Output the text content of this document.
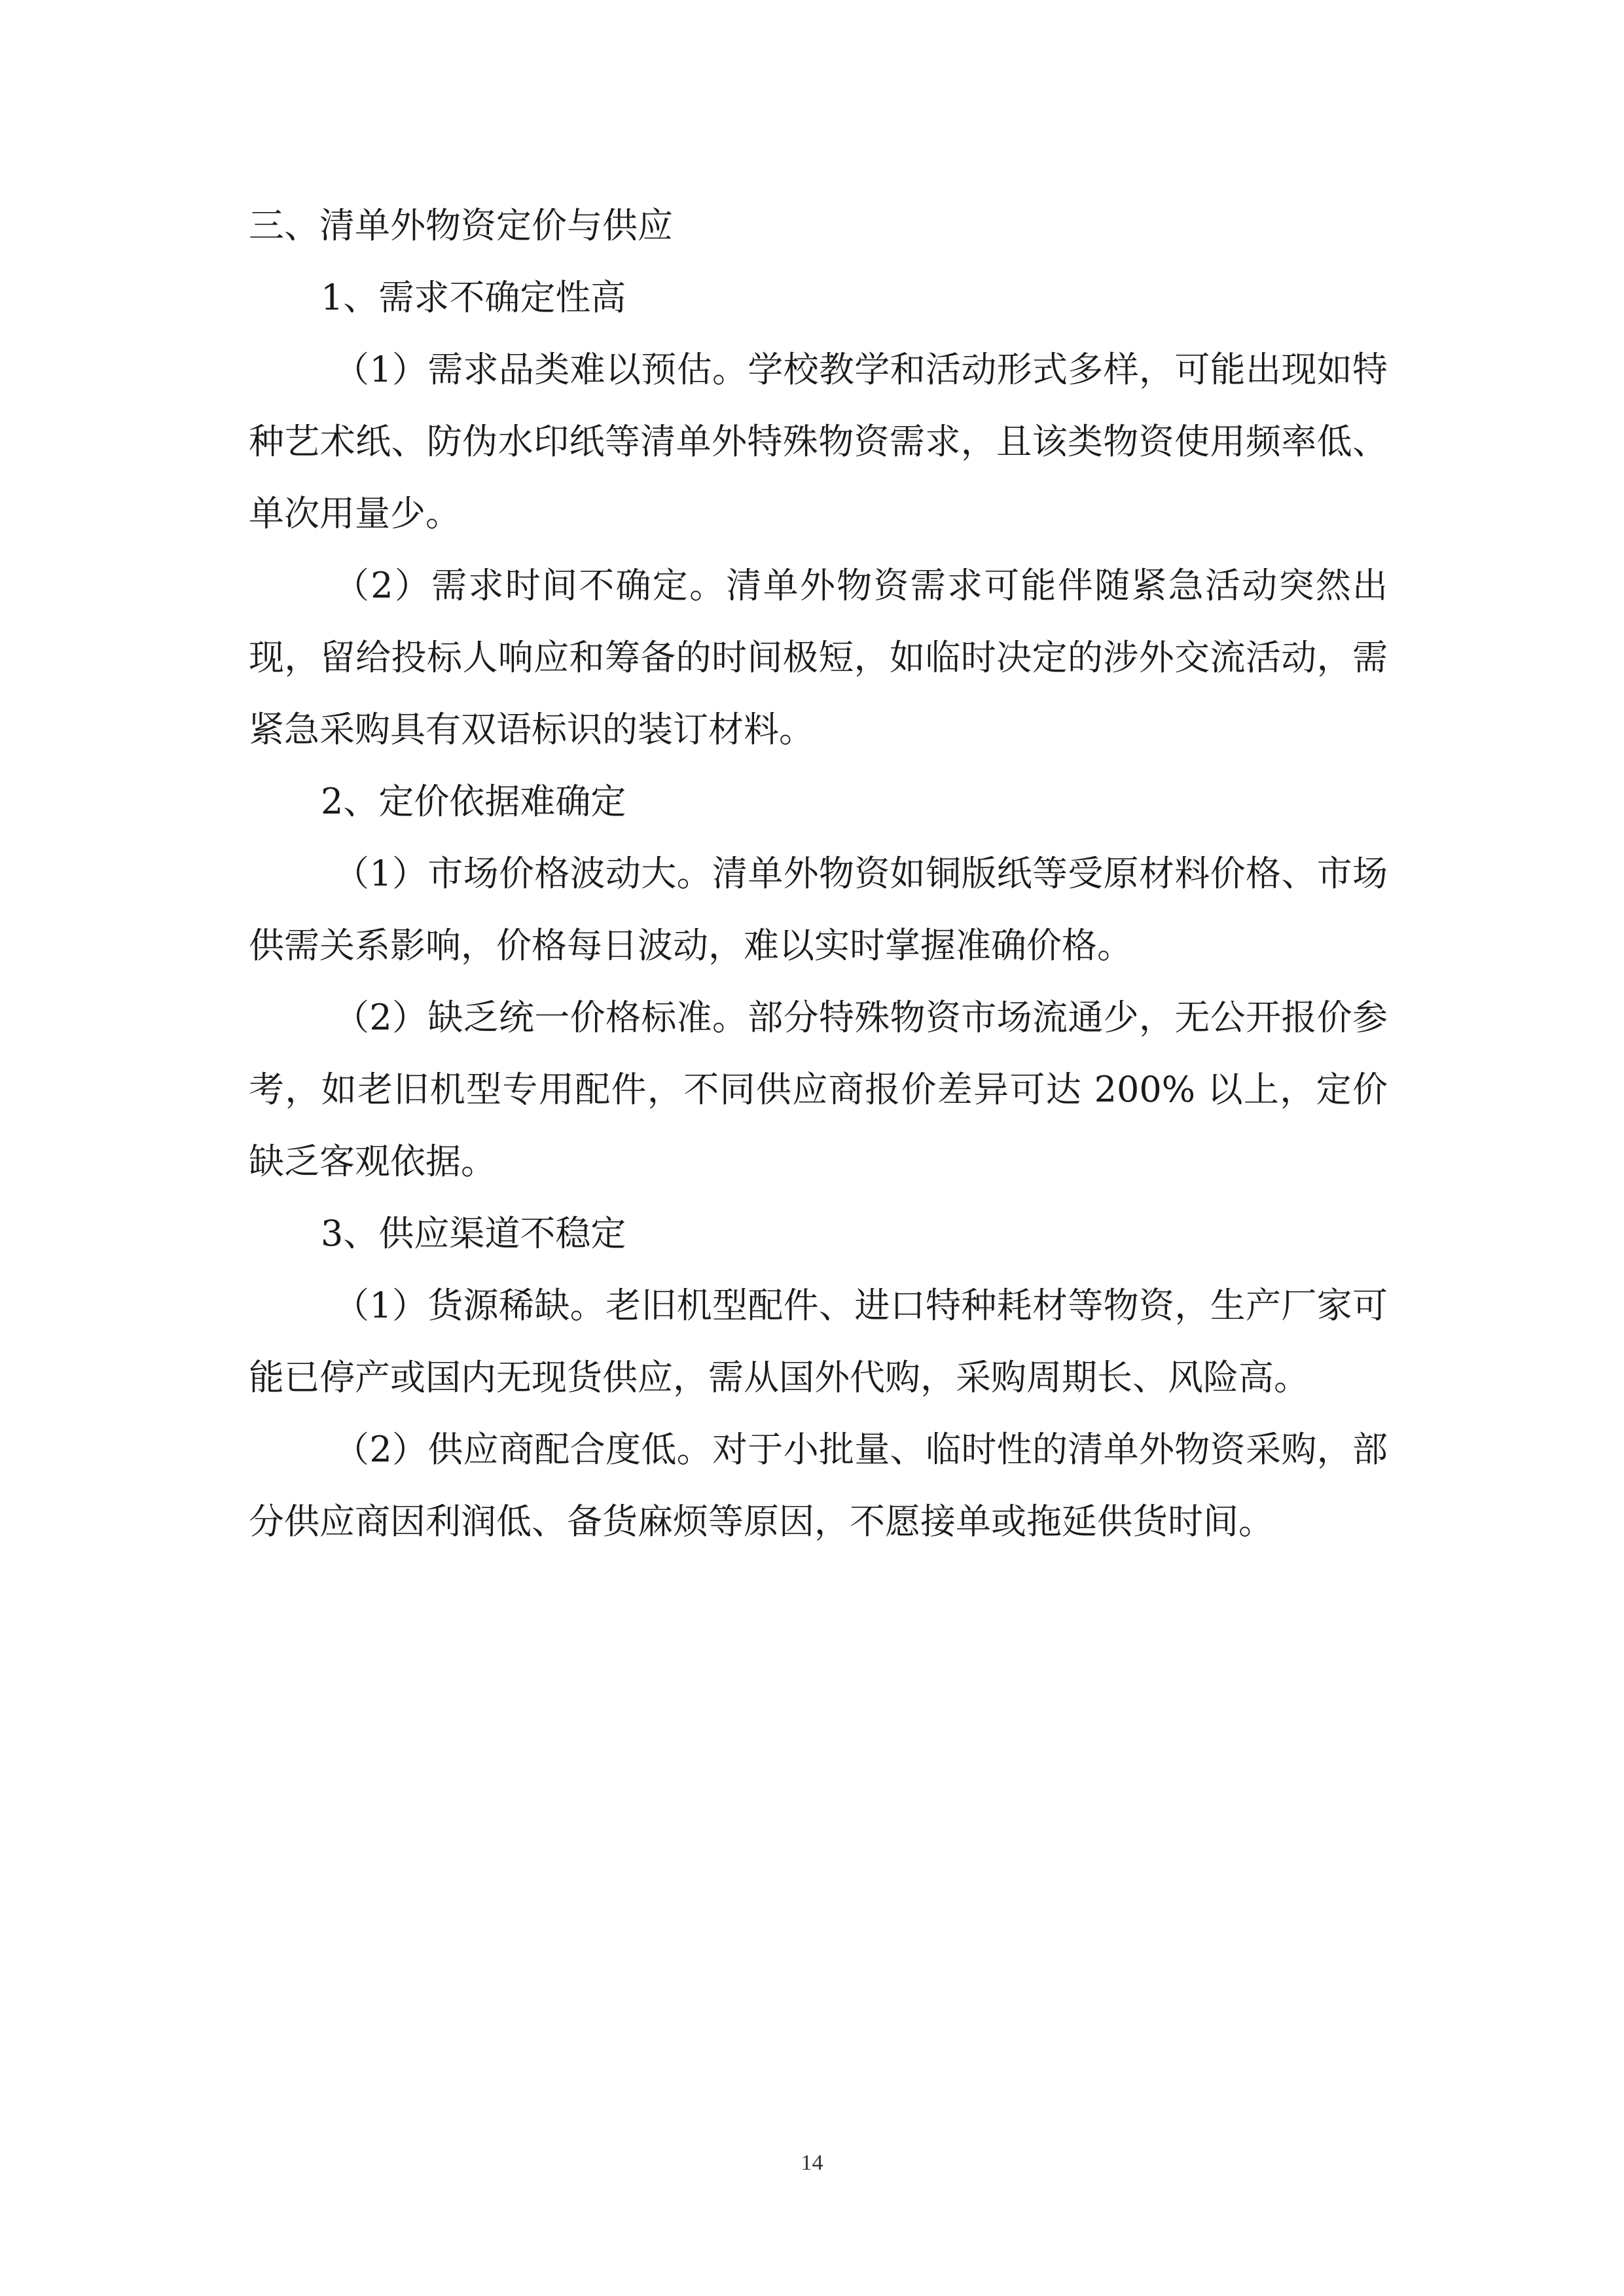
三、清单外物资定价与供应

1、需求不确定性高

（1）需求品类难以预估。学校教学和活动形式多样，可能出现如特种艺术纸、防伪水印纸等清单外特殊物资需求，且该类物资使用频率低、单次用量少。

（2）需求时间不确定。清单外物资需求可能伴随紧急活动突然出现，留给投标人响应和筹备的时间极短，如临时决定的涉外交流活动，需紧急采购具有双语标识的装订材料。

2、定价依据难确定

（1）市场价格波动大。清单外物资如铜版纸等受原材料价格、市场供需关系影响，价格每日波动，难以实时掌握准确价格。

（2）缺乏统一价格标准。部分特殊物资市场流通少，无公开报价参考，如老旧机型专用配件，不同供应商报价差异可达 200% 以上，定价缺乏客观依据。

3、供应渠道不稳定

（1）货源稀缺。老旧机型配件、进口特种耗材等物资，生产厂家可能已停产或国内无现货供应，需从国外代购，采购周期长、风险高。

（2）供应商配合度低。对于小批量、临时性的清单外物资采购，部分供应商因利润低、备货麻烦等原因，不愿接单或拖延供货时间。

14
